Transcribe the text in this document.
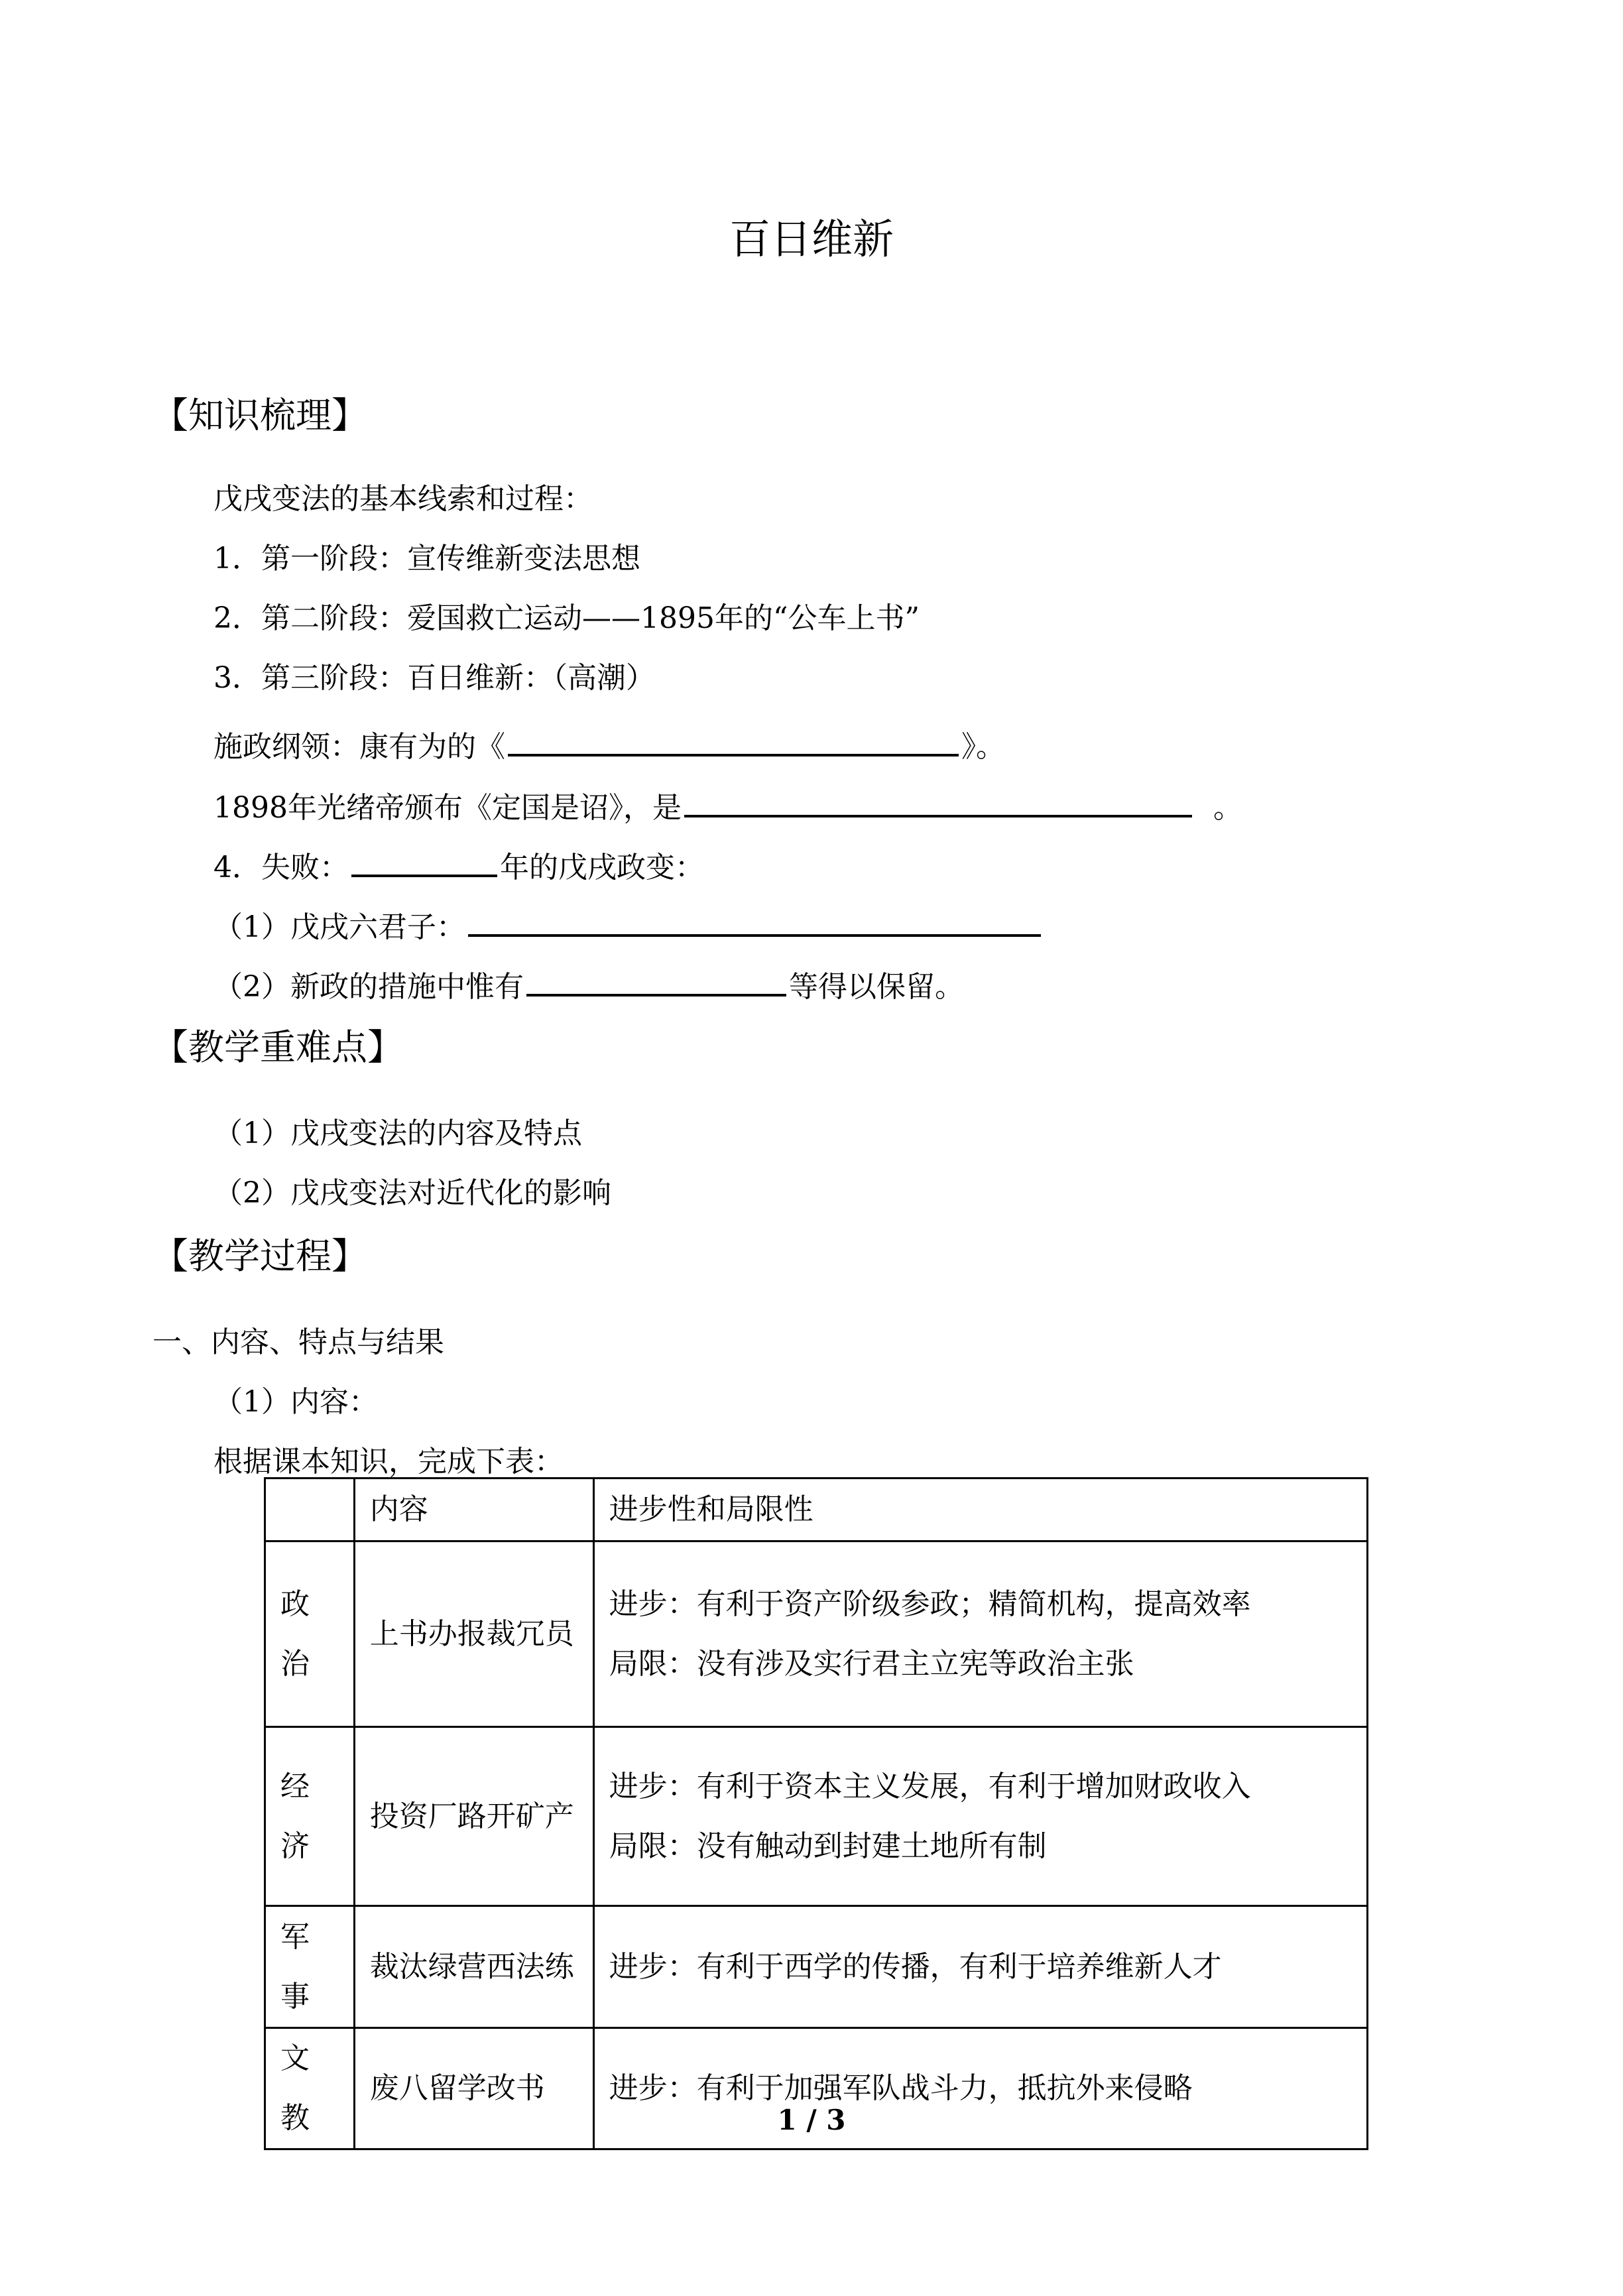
百日维新
【知识梳理】
戊戌变法的基本线索和过程：
1．第一阶段：宣传维新变法思想
2．第二阶段：爱国救亡运动——1895年的“公车上书”
3．第三阶段：百日维新：（高潮）
施政纲领：康有为的《	》。
1898年光绪帝颁布《定国是诏》，是	。
4．失败：	年的戊戌政变：
（1）戊戌六君子：
（2）新政的措施中惟有	等得以保留。
【教学重难点】
（1）戊戌变法的内容及特点
（2）戊戌变法对近代化的影响
【教学过程】
一、内容、特点与结果
（1）内容：
根据课本知识，完成下表：
	内容	进步性和局限性
政治	上书办报裁冗员	进步：有利于资产阶级参政；精简机构，提高效率
局限：没有涉及实行君主立宪等政治主张

经济	投资厂路开矿产	进步：有利于资本主义发展，有利于增加财政收入
局限：没有触动到封建土地所有制

军事	裁汰绿营西法练	进步：有利于西学的传播，有利于培养维新人才

文教	废八留学改书	进步：有利于加强军队战斗力，抵抗外来侵略
1 / 3
